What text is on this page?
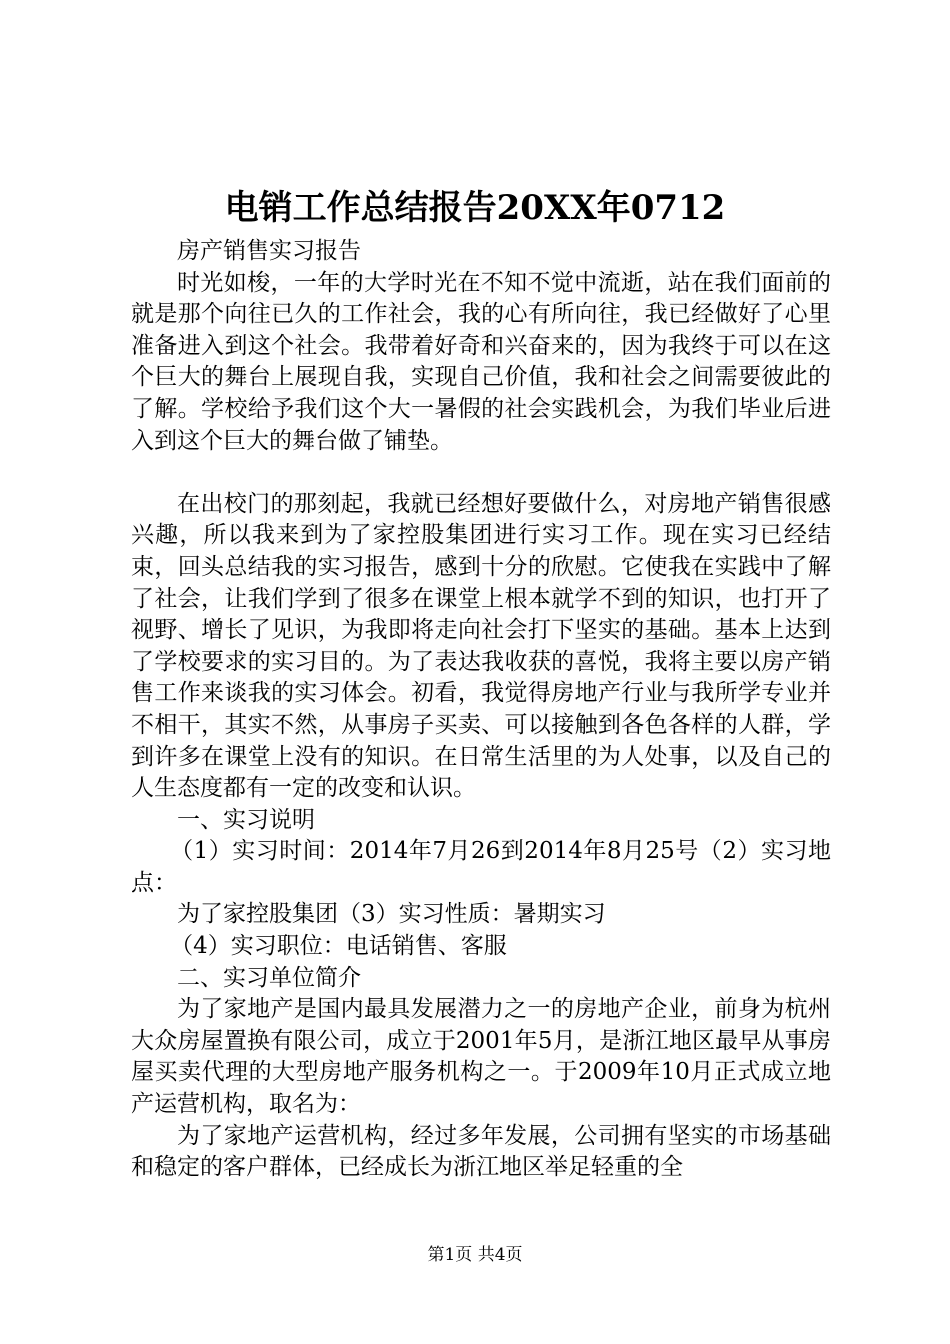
电销工作总结报告20XX年0712

房产销售实习报告

时光如梭，一年的大学时光在不知不觉中流逝，站在我们面前的就是那个向往已久的工作社会，我的心有所向往，我已经做好了心里准备进入到这个社会。我带着好奇和兴奋来的，因为我终于可以在这个巨大的舞台上展现自我，实现自己价值，我和社会之间需要彼此的了解。学校给予我们这个大一暑假的社会实践机会，为我们毕业后进入到这个巨大的舞台做了铺垫。

在出校门的那刻起，我就已经想好要做什么，对房地产销售很感兴趣，所以我来到为了家控股集团进行实习工作。现在实习已经结束，回头总结我的实习报告，感到十分的欣慰。它使我在实践中了解了社会，让我们学到了很多在课堂上根本就学不到的知识，也打开了视野、增长了见识，为我即将走向社会打下坚实的基础。基本上达到了学校要求的实习目的。为了表达我收获的喜悦，我将主要以房产销售工作来谈我的实习体会。初看，我觉得房地产行业与我所学专业并不相干，其实不然，从事房子买卖、可以接触到各色各样的人群，学到许多在课堂上没有的知识。在日常生活里的为人处事，以及自己的人生态度都有一定的改变和认识。

一、实习说明

（1）实习时间：2014年7月26到2014年8月25号（2）实习地点：

为了家控股集团（3）实习性质：暑期实习

（4）实习职位：电话销售、客服

二、实习单位简介

为了家地产是国内最具发展潜力之一的房地产企业，前身为杭州大众房屋置换有限公司，成立于2001年5月，是浙江地区最早从事房屋买卖代理的大型房地产服务机构之一。于2009年10月正式成立地产运营机构，取名为：

为了家地产运营机构，经过多年发展，公司拥有坚实的市场基础和稳定的客户群体，已经成长为浙江地区举足轻重的全

第1页 共4页
